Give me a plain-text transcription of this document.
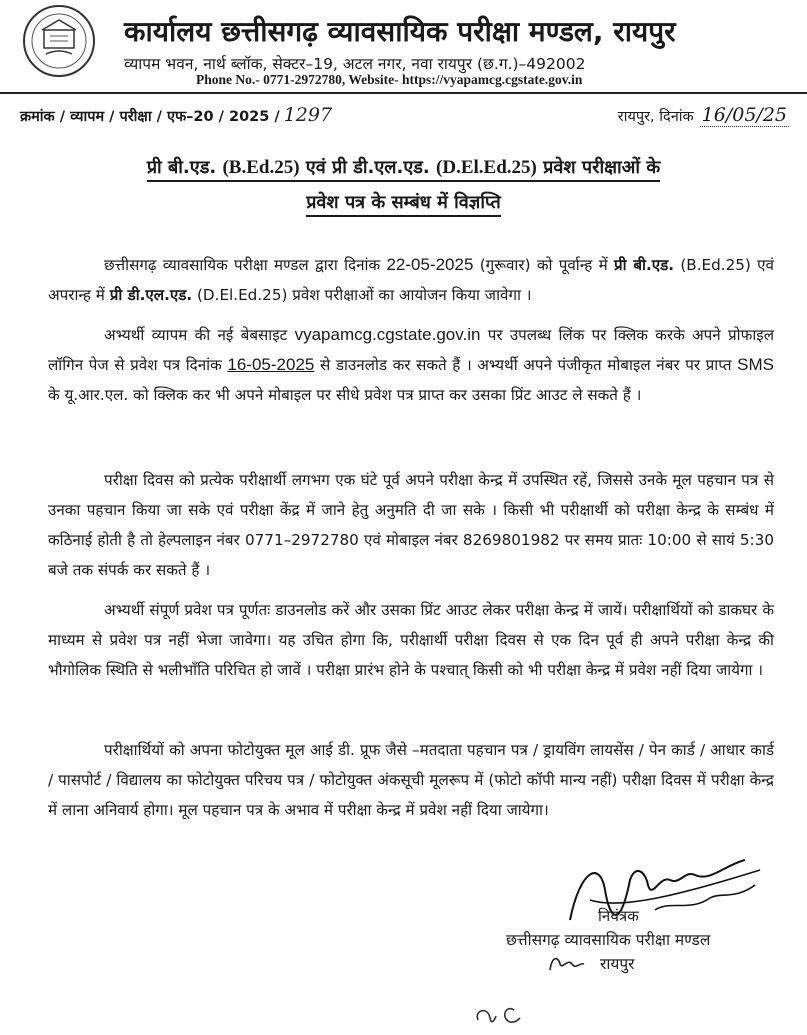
कार्यालय छत्तीसगढ़ व्यावसायिक परीक्षा मण्डल, रायपुर
व्यापम भवन, नार्थ ब्लॉक, सेक्टर–19, अटल नगर, नवा रायपुर (छ.ग.)–492002
Phone No.- 0771-2972780, Website- https://vyapamcg.cgstate.gov.in
क्रमांक / व्यापम / परीक्षा / एफ–20 / 2025 / 1297	रायपुर, दिनांक 16/05/25
प्री बी.एड. (B.Ed.25) एवं प्री डी.एल.एड. (D.El.Ed.25) प्रवेश परीक्षाओं के
प्रवेश पत्र के सम्बंध में विज्ञप्ति
छत्तीसगढ़ व्यावसायिक परीक्षा मण्डल द्वारा दिनांक 22-05-2025 (गुरूवार) को पूर्वान्ह में प्री बी.एड. (B.Ed.25) एवं अपरान्ह में प्री डी.एल.एड. (D.El.Ed.25) प्रवेश परीक्षाओं का आयोजन किया जावेगा ।
अभ्यर्थी व्यापम की नई बेबसाइट vyapamcg.cgstate.gov.in पर उपलब्ध लिंक पर क्लिक करके अपने प्रोफाइल लॉगिन पेज से प्रवेश पत्र दिनांक 16-05-2025 से डाउनलोड कर सकते हैं । अभ्यर्थी अपने पंजीकृत मोबाइल नंबर पर प्राप्त SMS के यू.आर.एल. को क्लिक कर भी अपने मोबाइल पर सीधे प्रवेश पत्र प्राप्त कर उसका प्रिंट आउट ले सकते हैं ।
परीक्षा दिवस को प्रत्येक परीक्षार्थी लगभग एक घंटे पूर्व अपने परीक्षा केन्द्र में उपस्थित रहें, जिससे उनके मूल पहचान पत्र से उनका पहचान किया जा सके एवं परीक्षा केंद्र में जाने हेतु अनुमति दी जा सके । किसी भी परीक्षार्थी को परीक्षा केन्द्र के सम्बंध में कठिनाई होती है तो हेल्पलाइन नंबर 0771–2972780 एवं मोबाइल नंबर 8269801982 पर समय प्रातः 10:00 से सायं 5:30 बजे तक संपर्क कर सकते हैं ।
अभ्यर्थी संपूर्ण प्रवेश पत्र पूर्णतः डाउनलोड करें और उसका प्रिंट आउट लेकर परीक्षा केन्द्र में जायें। परीक्षार्थियों को डाकघर के माध्यम से प्रवेश पत्र नहीं भेजा जावेगा। यह उचित होगा कि, परीक्षार्थी परीक्षा दिवस से एक दिन पूर्व ही अपने परीक्षा केन्द्र की भौगोलिक स्थिति से भलीभाँति परिचित हो जावें । परीक्षा प्रारंभ होने के पश्चात् किसी को भी परीक्षा केन्द्र में प्रवेश नहीं दिया जायेगा ।
परीक्षार्थियों को अपना फोटोयुक्त मूल आई डी. प्रूफ जैसे –मतदाता पहचान पत्र / ड्रायविंग लायसेंस / पेन कार्ड / आधार कार्ड / पासपोर्ट / विद्यालय का फोटोयुक्त परिचय पत्र / फोटोयुक्त अंकसूची मूलरूप में (फोटो कॉपी मान्य नहीं) परीक्षा दिवस में परीक्षा केन्द्र में लाना अनिवार्य होगा। मूल पहचान पत्र के अभाव में परीक्षा केन्द्र में प्रवेश नहीं दिया जायेगा।
नियंत्रक
छत्तीसगढ़ व्यावसायिक परीक्षा मण्डल
रायपुर
